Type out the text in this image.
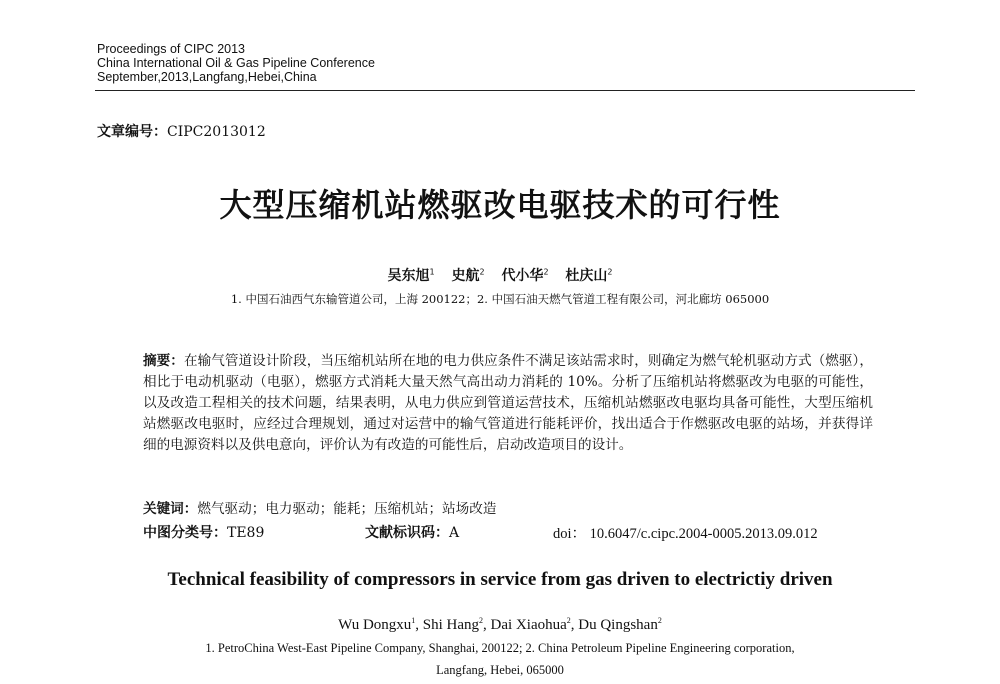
Proceedings of CIPC 2013
China International Oil & Gas Pipeline Conference
September,2013,Langfang,Hebei,China
文章编号：CIPC2013012
大型压缩机站燃驱改电驱技术的可行性
吴东旭$^1$ 史航$^2$ 代小华$^2$ 杜庆山$^2$
1. 中国石油西气东输管道公司，上海 200122；2. 中国石油天燃气管道工程有限公司，河北廊坊 065000
摘要：在输气管道设计阶段，当压缩机站所在地的电力供应条件不满足该站需求时，则确定为燃气轮机驱动方式（燃驱），相比于电动机驱动（电驱），燃驱方式消耗大量天然气高出动力消耗的 10%。分析了压缩机站将燃驱改为电驱的可能性，以及改造工程相关的技术问题，结果表明，从电力供应到管道运营技术，压缩机站燃驱改电驱均具备可能性，大型压缩机站燃驱改电驱时，应经过合理规划，通过对运营中的输气管道进行能耗评价，找出适合于作燃驱改电驱的站场，并获得详细的电源资料以及供电意向，评价认为有改造的可能性后，启动改造项目的设计。
关键词：燃气驱动；电力驱动；能耗；压缩机站；站场改造
中图分类号：TE89	文献标识码：A	doi： 10.6047/c.cipc.2004-0005.2013.09.012
Technical feasibility of compressors in service from gas driven to electrictiy driven
Wu Dongxu$^1$, Shi Hang$^2$, Dai Xiaohua$^2$, Du Qingshan$^2$
1. PetroChina West-East Pipeline Company, Shanghai, 200122; 2. China Petroleum Pipeline Engineering corporation,
Langfang, Hebei, 065000
